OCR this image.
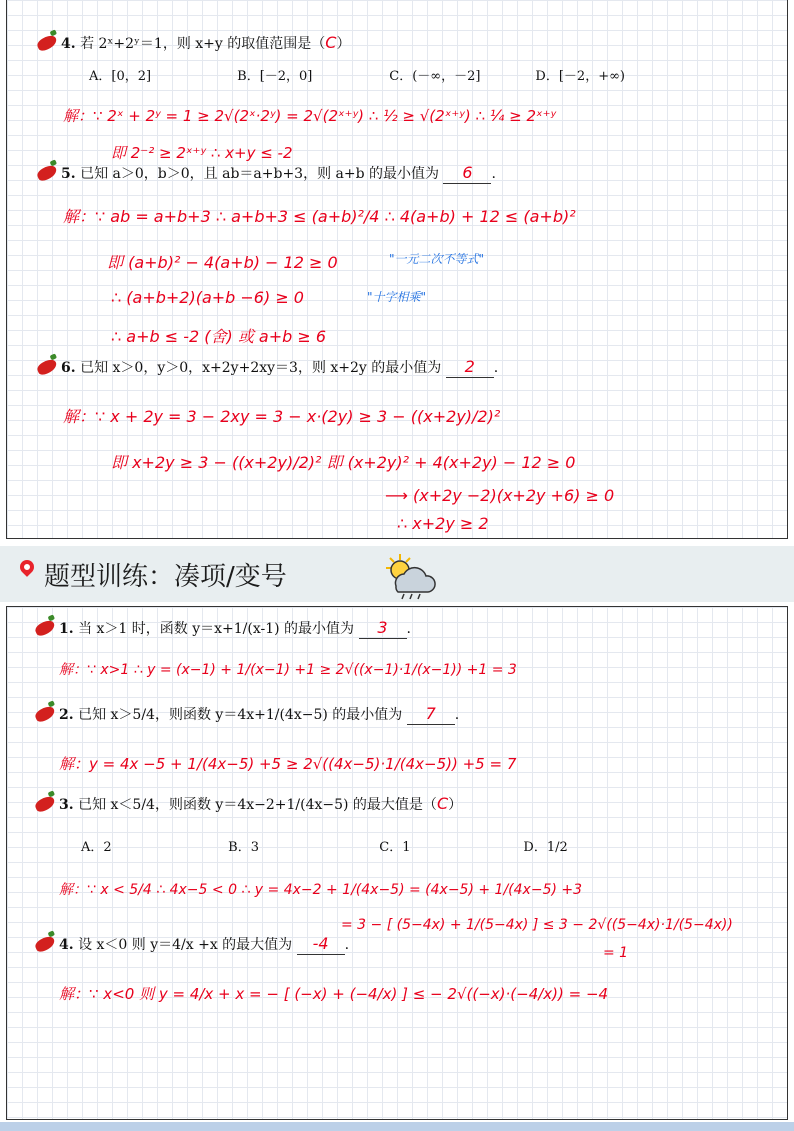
4. 若 2ˣ+2ʸ＝1，则 x+y 的取值范围是（C）
A．[0，2]	B．[－2，0]	C．(－∞，－2]	D．[－2，+∞)
解：∵ 2ˣ + 2ʸ = 1 ≥ 2√(2ˣ·2ʸ) = 2√(2ˣ⁺ʸ) ∴ ½ ≥ √(2ˣ⁺ʸ) ∴ ¼ ≥ 2ˣ⁺ʸ
即 2⁻² ≥ 2ˣ⁺ʸ ∴ x+y ≤ -2
5. 已知 a＞0，b＞0，且 ab＝a+b+3，则 a+b 的最小值为 6 .
解：∵ ab = a+b+3 ∴ a+b+3 ≤ (a+b)²/4 ∴ 4(a+b) + 12 ≤ (a+b)²
即 (a+b)² − 4(a+b) − 12 ≥ 0	"一元二次不等式"
∴ (a+b+2)(a+b −6) ≥ 0	"十字相乘"
∴ a+b ≤ -2 (舍) 或 a+b ≥ 6
6. 已知 x＞0，y＞0，x+2y+2xy＝3，则 x+2y 的最小值为 2 .
解：∵ x + 2y = 3 − 2xy = 3 − x·(2y) ≥ 3 − ((x+2y)/2)²
即 x+2y ≥ 3 − ((x+2y)/2)² 即 (x+2y)² + 4(x+2y) − 12 ≥ 0
⟶ (x+2y −2)(x+2y +6) ≥ 0
∴ x+2y ≥ 2
题型训练：凑项/变号
1. 当 x＞1 时，函数 y＝x+1/(x-1) 的最小值为 3 .
解：∵ x>1 ∴ y = (x−1) + 1/(x−1) +1 ≥ 2√((x−1)·1/(x−1)) +1 = 3
2. 已知 x＞5/4，则函数 y＝4x+1/(4x−5) 的最小值为 7 .
解：y = 4x −5 + 1/(4x−5) +5 ≥ 2√((4x−5)·1/(4x−5)) +5 = 7
3. 已知 x＜5/4，则函数 y＝4x−2+1/(4x−5) 的最大值是（C）
A．2	B．3	C．1	D．1/2
解：∵ x < 5/4 ∴ 4x−5 < 0 ∴ y = 4x−2 + 1/(4x−5) = (4x−5) + 1/(4x−5) +3
= 3 − [ (5−4x) + 1/(5−4x) ] ≤ 3 − 2√((5−4x)·1/(5−4x))
= 1
4. 设 x＜0 则 y＝4/x +x 的最大值为 -4 .
解：∵ x<0 则 y = 4/x + x = − [ (−x) + (−4/x) ] ≤ − 2√((−x)·(−4/x)) = −4
